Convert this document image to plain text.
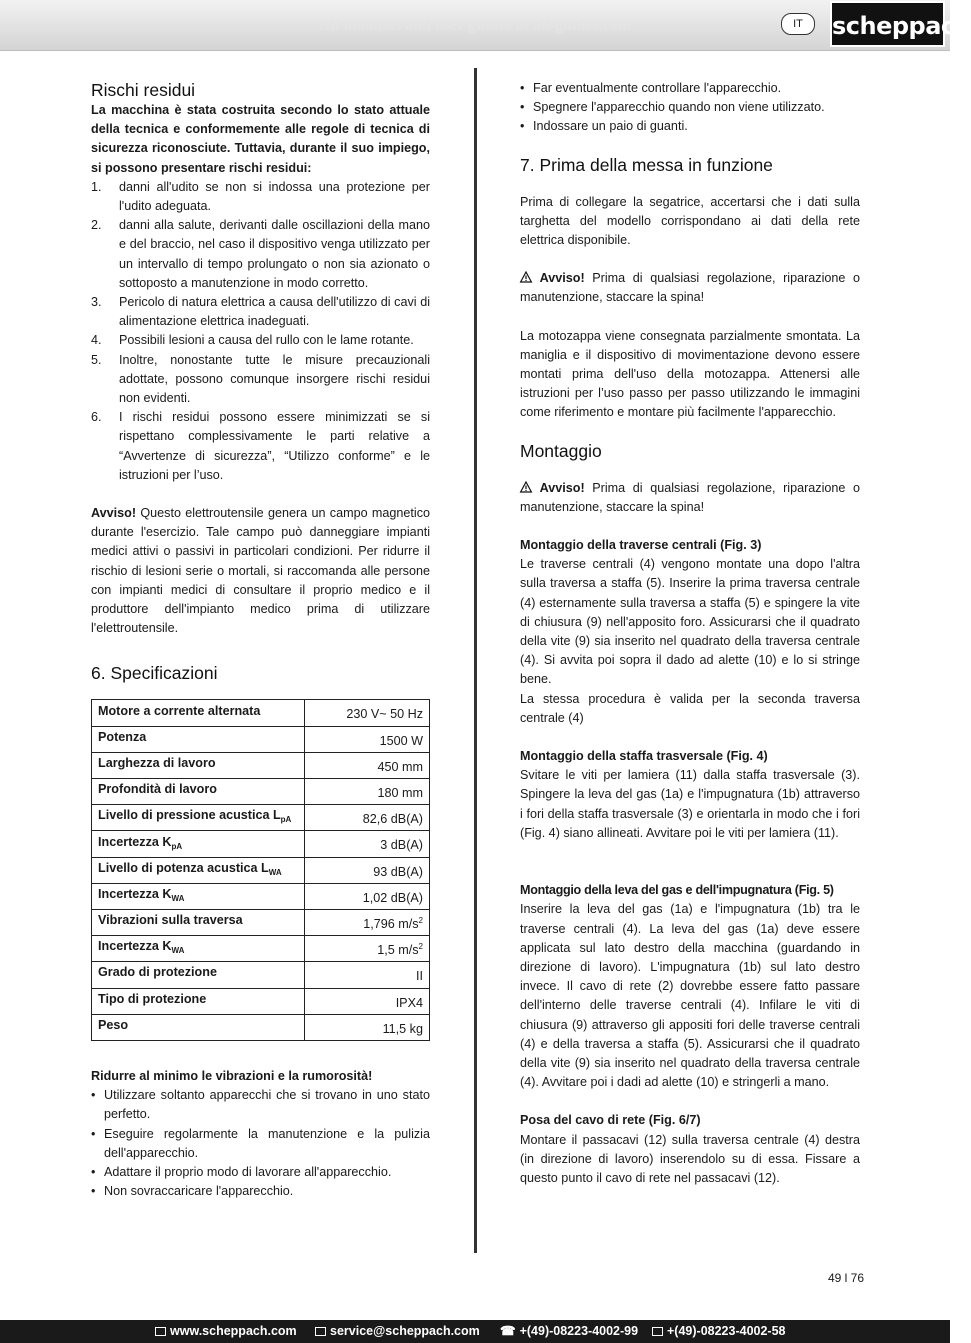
All manuals and user guides at all-guides.com	IT	scheppach
Rischi residui

La macchina è stata costruita secondo lo stato attuale della tecnica e conformemente alle regole di tecnica di sicurezza riconosciute. Tuttavia, durante il suo impiego, si possono presentare rischi residui:

1. danni all'udito se non si indossa una protezione per l'udito adeguata.
2. danni alla salute, derivanti dalle oscillazioni della mano e del braccio, nel caso il dispositivo venga utilizzato per un intervallo di tempo prolungato o non sia azionato o sottoposto a manutenzione in modo corretto.
3. Pericolo di natura elettrica a causa dell'utilizzo di cavi di alimentazione elettrica inadeguati.
4. Possibili lesioni a causa del rullo con le lame rotante.
5. Inoltre, nonostante tutte le misure precauzionali adottate, possono comunque insorgere rischi residui non evidenti.
6. I rischi residui possono essere minimizzati se si rispettano complessivamente le parti relative a “Avvertenze di sicurezza”, “Utilizzo conforme” e le istruzioni per l’uso.

Avviso! Questo elettroutensile genera un campo magnetico durante l'esercizio. Tale campo può danneggiare impianti medici attivi o passivi in particolari condizioni. Per ridurre il rischio di lesioni serie o mortali, si raccomanda alle persone con impianti medici di consultare il proprio medico e il produttore dell'impianto medico prima di utilizzare l'elettroutensile.

6. Specificazioni
Motore a corrente alternata	230 V~ 50 Hz
Potenza	1500 W
Larghezza di lavoro	450 mm
Profondità di lavoro	180 mm
Livello di pressione acustica $L_{pA}$	82,6 dB(A)
Incertezza $K_{pA}$	3 dB(A)
Livello di potenza acustica $L_{WA}$	93 dB(A)
Incertezza $K_{WA}$	1,02 dB(A)
Vibrazioni sulla traversa	1,796 $m/s^2$
Incertezza $K_{WA}$	1,5 $m/s^2$
Grado di protezione	II
Tipo di protezione	IPX4
Peso	11,5 kg

Ridurre al minimo le vibrazioni e la rumorosità!

• Utilizzare soltanto apparecchi che si trovano in uno stato perfetto.
• Eseguire regolarmente la manutenzione e la pulizia dell'apparecchio.
• Adattare il proprio modo di lavorare all'apparecchio.
• Non sovraccaricare l'apparecchio.
• Far eventualmente controllare l'apparecchio.
• Spegnere l'apparecchio quando non viene utilizzato.
• Indossare un paio di guanti.
7. Prima della messa in funzione

Prima di collegare la segatrice, accertarsi che i dati sulla targhetta del modello corrispondano ai dati della rete elettrica disponibile.

Avviso! Prima di qualsiasi regolazione, riparazione o manutenzione, staccare la spina!

La motozappa viene consegnata parzialmente smontata. La maniglia e il dispositivo di movimentazione devono essere montati prima dell'uso della motozappa. Attenersi alle istruzioni per l’uso passo per passo utilizzando le immagini come riferimento e montare più facilmente l'apparecchio.

Montaggio

Avviso! Prima di qualsiasi regolazione, riparazione o manutenzione, staccare la spina!

Montaggio della traverse centrali (Fig. 3)

Le traverse centrali (4) vengono montate una dopo l'altra sulla traversa a staffa (5). Inserire la prima traversa centrale (4) esternamente sulla traversa a staffa (5) e spingere la vite di chiusura (9) nell'apposito foro. Assicurarsi che il quadrato della vite (9) sia inserito nel quadrato della traversa centrale (4). Si avvita poi sopra il dado ad alette (10) e lo si stringe bene.

La stessa procedura è valida per la seconda traversa centrale (4)

Montaggio della staffa trasversale (Fig. 4)

Svitare le viti per lamiera (11) dalla staffa trasversale (3). Spingere la leva del gas (1a) e l'impugnatura (1b) attraverso i fori della staffa trasversale (3) e orientarla in modo che i fori (Fig. 4) siano allineati. Avvitare poi le viti per lamiera (11).

Montaggio della leva del gas e dell'impugnatura (Fig. 5)

Inserire la leva del gas (1a) e l'impugnatura (1b) tra le traverse centrali (4). La leva del gas (1a) deve essere applicata sul lato destro della macchina (guardando in direzione di lavoro). L'impugnatura (1b) sul lato destro invece. Il cavo di rete (2) dovrebbe essere fatto passare dell'interno delle traverse centrali (4). Infilare le viti di chiusura (9) attraverso gli appositi fori delle traverse centrali (4) e della traversa a staffa (5). Assicurarsi che il quadrato della vite (9) sia inserito nel quadrato della traversa centrale (4). Avvitare poi i dadi ad alette (10) e stringerli a mano.

Posa del cavo di rete (Fig. 6/7)

Montare il passacavi (12) sulla traversa centrale (4) destra (in direzione di lavoro) inserendolo su di essa. Fissare a questo punto il cavo di rete nel passacavi (12).

49 l 76
www.scheppach.com	service@scheppach.com ☎ +(49)-08223-4002-99	+(49)-08223-4002-58
